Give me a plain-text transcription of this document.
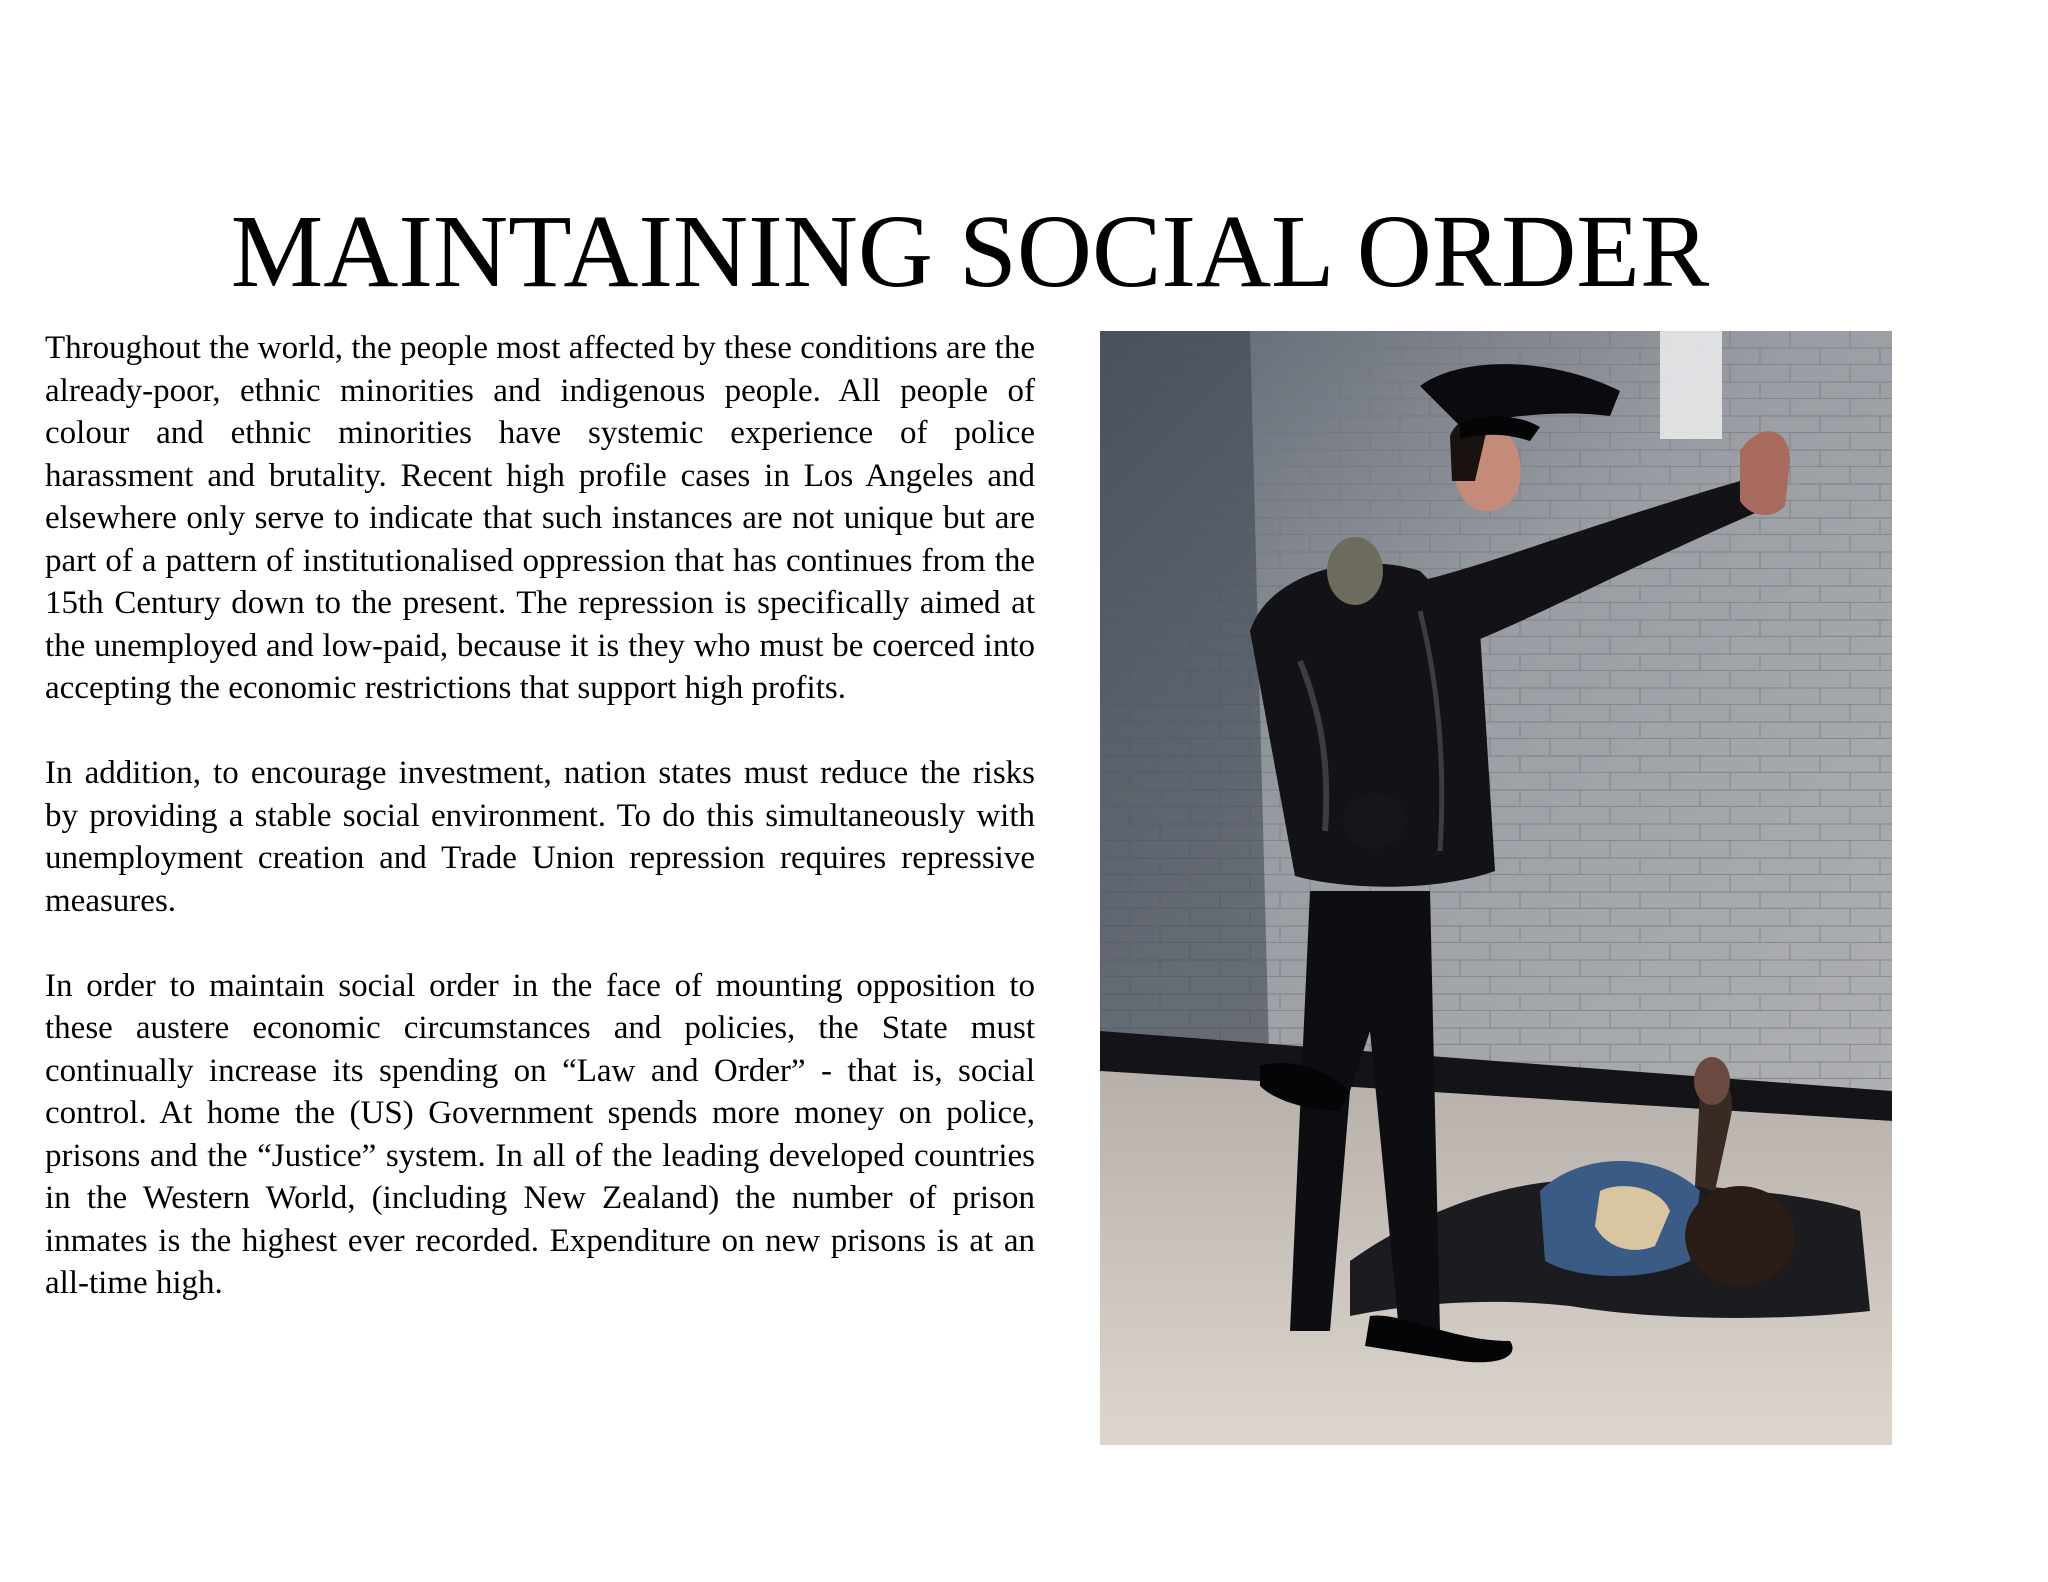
MAINTAINING SOCIAL ORDER

Throughout the world, the people most affected by these conditions are the already-poor, ethnic minorities and indigenous people. All people of colour and ethnic minorities have systemic experience of police harassment and brutality. Recent high profile cases in Los Angeles and elsewhere only serve to indicate that such instances are not unique but are part of a pattern of institutionalised oppression that has continues from the 15th Century down to the present. The repression is specifically aimed at the unemployed and low-paid, because it is they who must be coerced into accepting the economic restrictions that support high profits.

In addition, to encourage investment, nation states must reduce the risks by providing a stable social environment. To do this simultaneously with unemployment creation and Trade Union repression requires repressive measures.

In order to maintain social order in the face of mounting opposition to these austere economic circumstances and policies, the State must continually increase its spending on “Law and Order” - that is, social control. At home the (US) Government spends more money on police, prisons and the “Justice” system. In all of the leading developed countries in the Western World, (including New Zealand) the number of prison inmates is the highest ever recorded. Expenditure on new prisons is at an all-time high.
